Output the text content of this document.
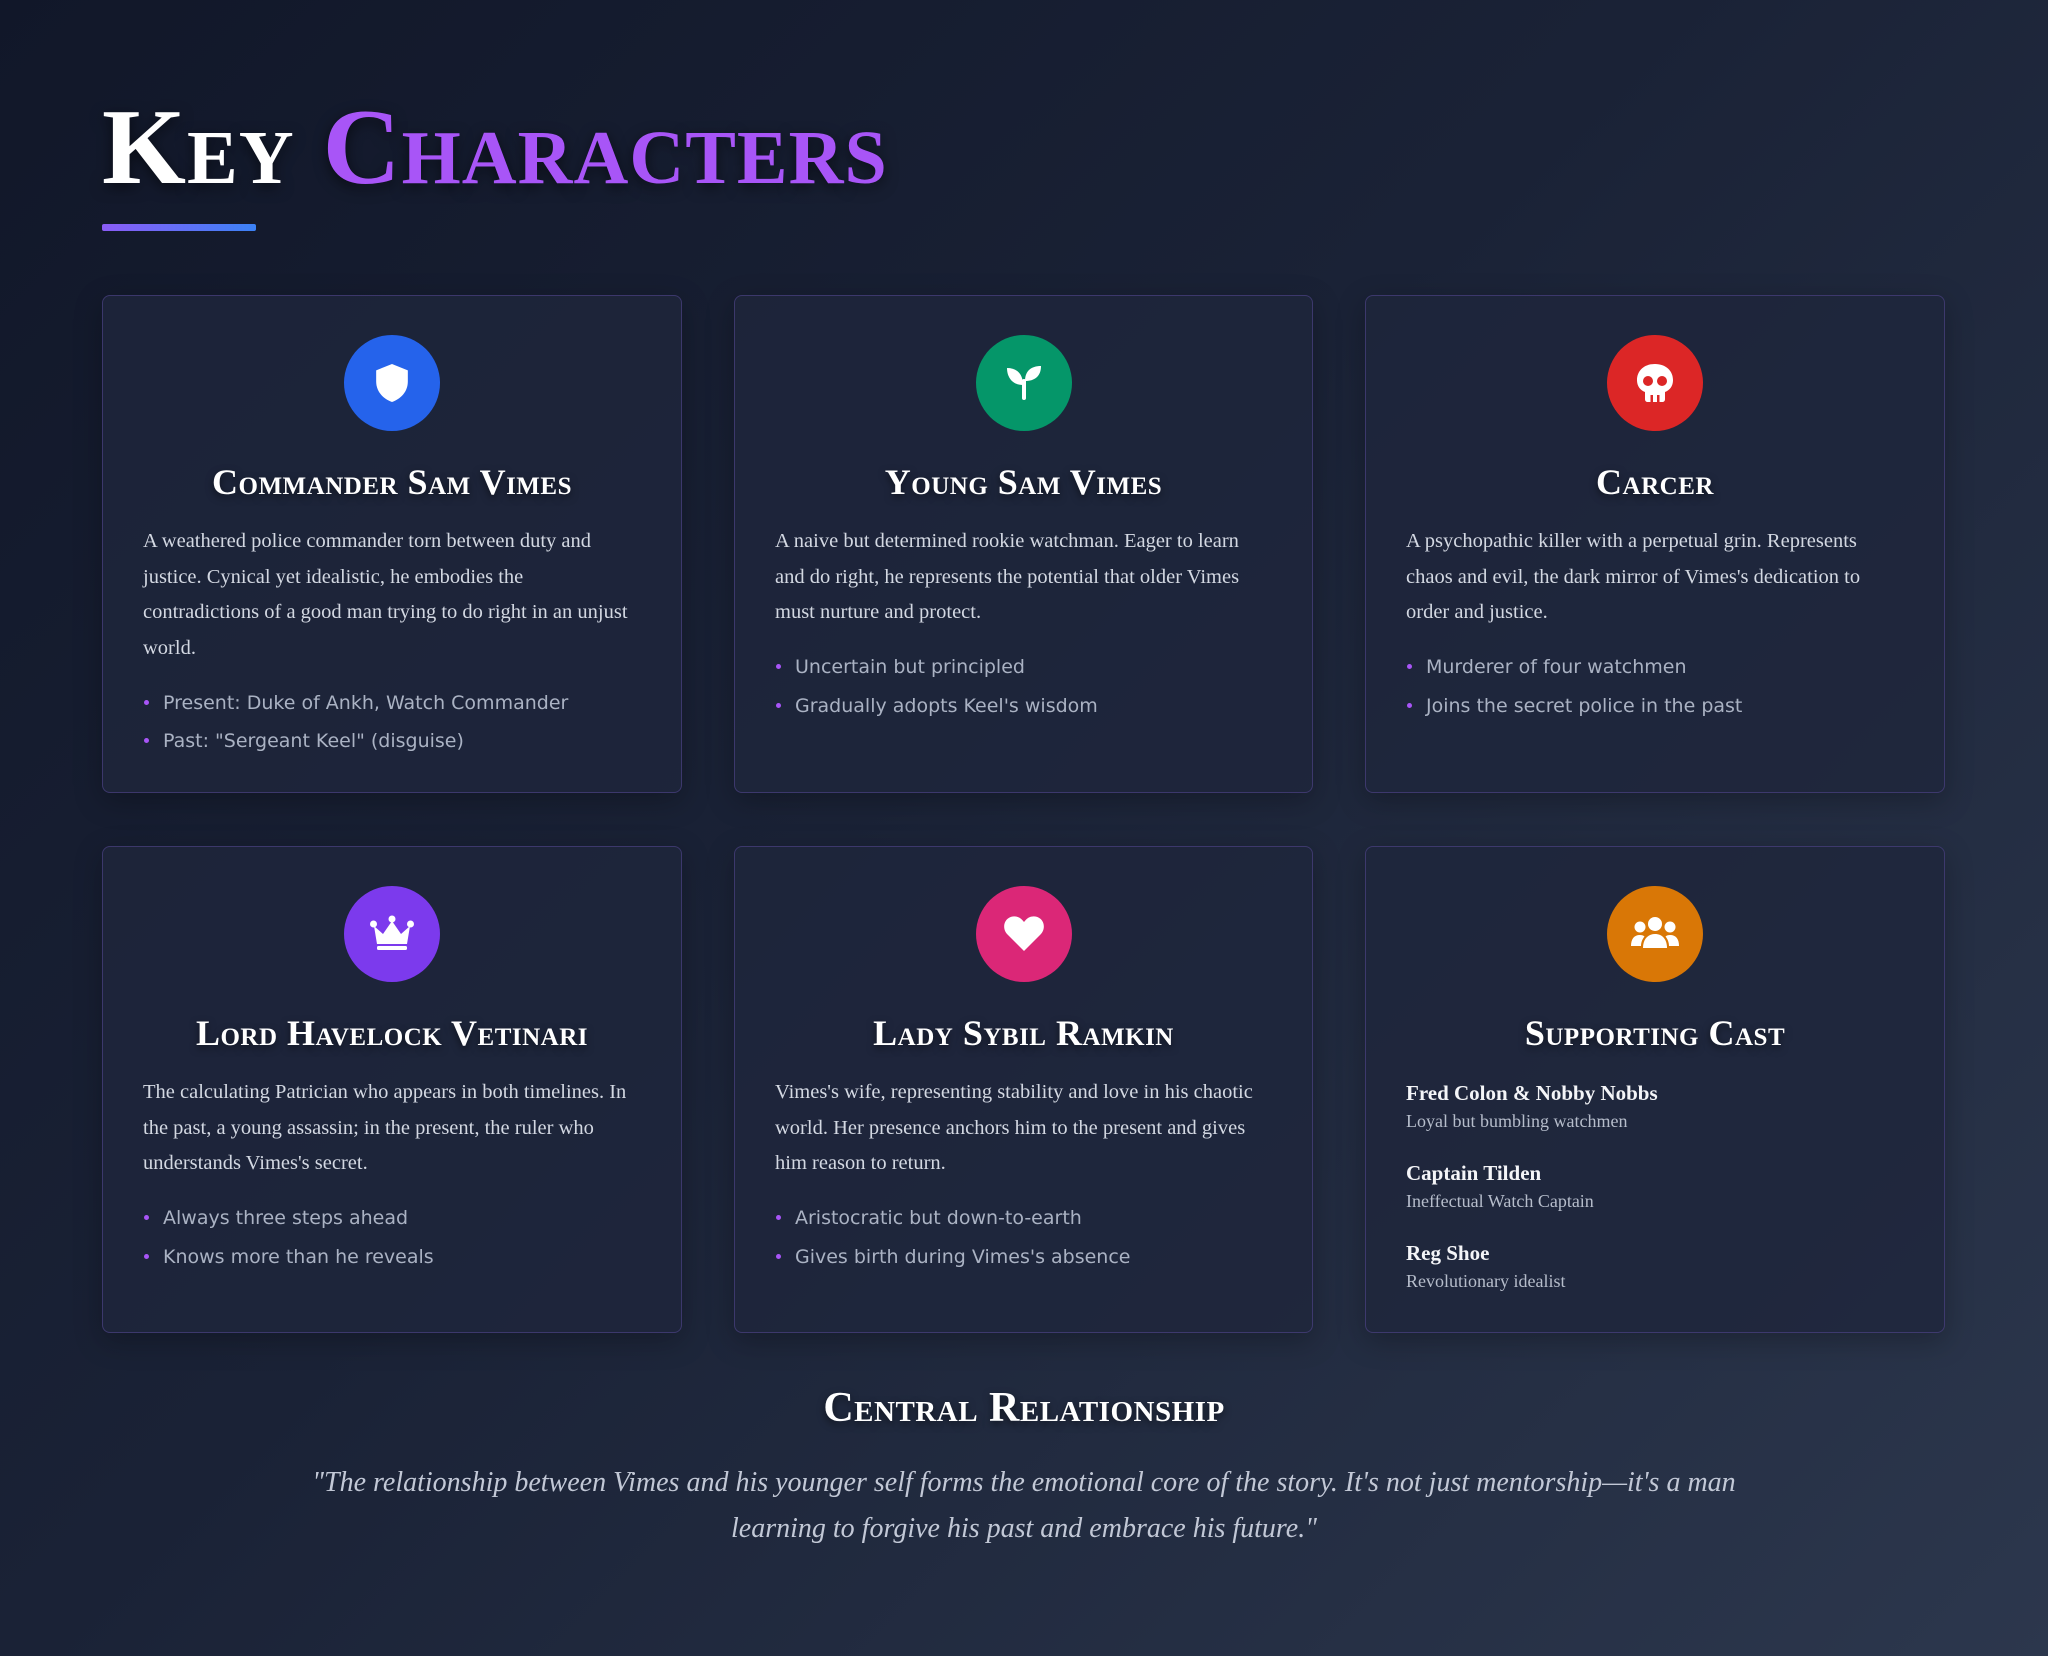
Key Characters
Commander Sam Vimes

A weathered police commander torn between duty and justice. Cynical yet idealistic, he embodies the contradictions of a good man trying to do right in an unjust world.

Present: Duke of Ankh, Watch Commander
Past: "Sergeant Keel" (disguise)
Young Sam Vimes

A naive but determined rookie watchman. Eager to learn and do right, he represents the potential that older Vimes must nurture and protect.

Uncertain but principled
Gradually adopts Keel's wisdom
Carcer

A psychopathic killer with a perpetual grin. Represents chaos and evil, the dark mirror of Vimes's dedication to order and justice.

Murderer of four watchmen
Joins the secret police in the past
Lord Havelock Vetinari

The calculating Patrician who appears in both timelines. In the past, a young assassin; in the present, the ruler who understands Vimes's secret.

Always three steps ahead
Knows more than he reveals
Lady Sybil Ramkin

Vimes's wife, representing stability and love in his chaotic world. Her presence anchors him to the present and gives him reason to return.

Aristocratic but down-to-earth
Gives birth during Vimes's absence
Supporting Cast
Fred Colon & Nobby Nobbs
Loyal but bumbling watchmen
Captain Tilden
Ineffectual Watch Captain
Reg Shoe
Revolutionary idealist
Central Relationship

"The relationship between Vimes and his younger self forms the emotional core of the story. It's not just mentorship—it's a man learning to forgive his past and embrace his future."
